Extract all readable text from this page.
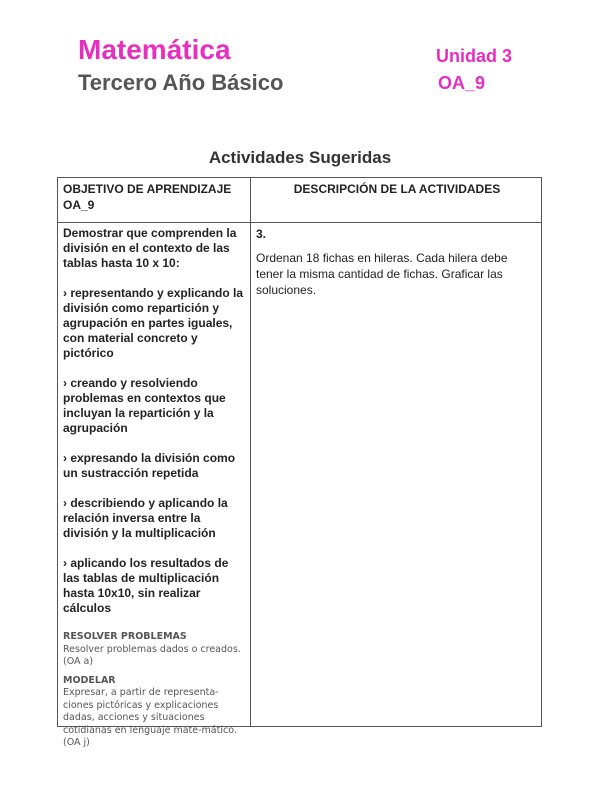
Matemática
Tercero Año Básico
Unidad 3
OA_9
Actividades Sugeridas
OBJETIVO DE APRENDIZAJE OA_9
DESCRIPCIÓN DE LA ACTIVIDADES

Demostrar que comprenden la división en el contexto de las tablas hasta 10 x 10:

› representando y explicando la división como repartición y agrupación en partes iguales, con material concreto y pictórico

› creando y resolviendo problemas en contextos que incluyan la repartición y la agrupación

› expresando la división como un sustracción repetida

› describiendo y aplicando la relación inversa entre la división y la multiplicación

› aplicando los resultados de las tablas de multiplicación hasta 10x10, sin realizar cálculos

RESOLVER PROBLEMAS
Resolver problemas dados o creados. (OA a)
MODELAR
Expresar, a partir de representa-ciones pictóricas y explicaciones dadas, acciones y situaciones cotidianas en lenguaje mate-mático. (OA j)
3.
Ordenan 18 fichas en hileras. Cada hilera debe tener la misma cantidad de fichas. Graficar las soluciones.
